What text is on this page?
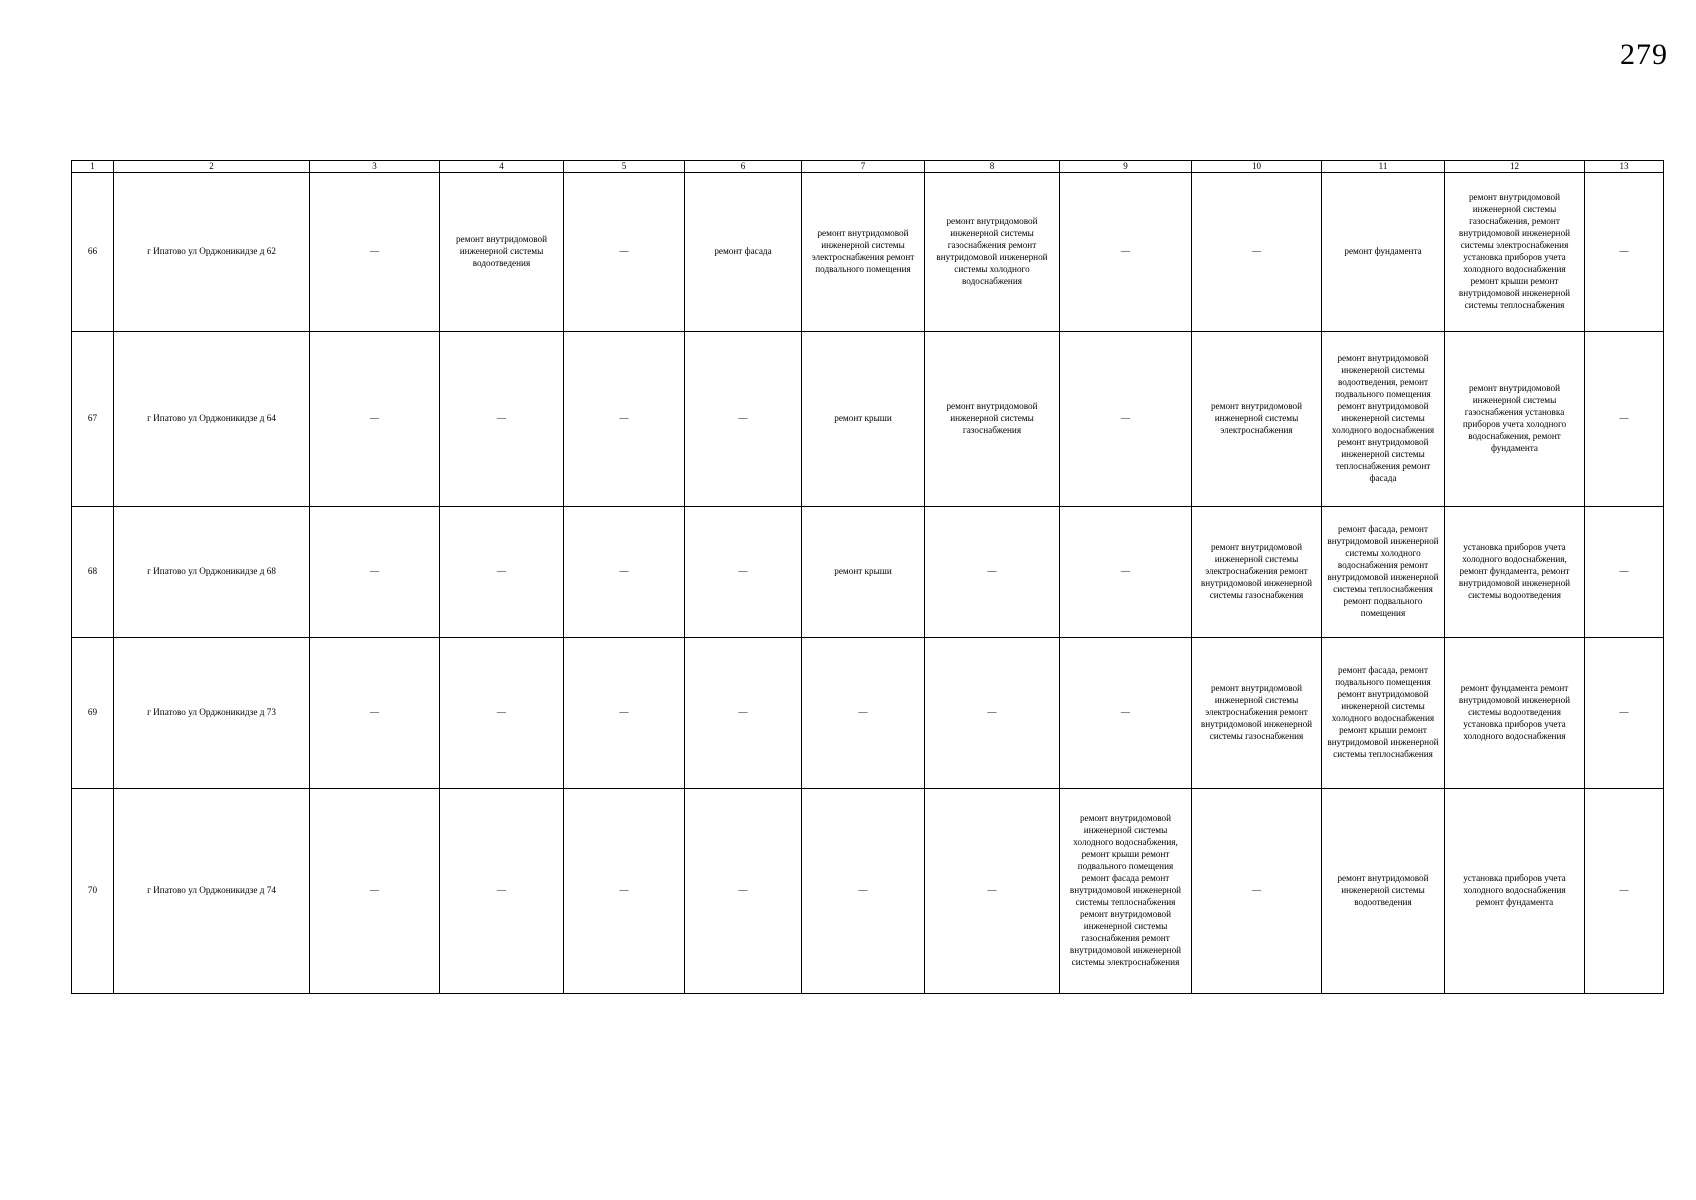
279
1	2	3	4	5	6	7	8	9	10	11	12	13
66	г Ипатово ул Орджоникидзе д 62	—	ремонт внутридомовой инженерной системы водоотведения	—	ремонт фасада	ремонт внутридомовой инженерной системы электроснабжения ремонт подвального помещения	ремонт внутридомовой инженерной системы газоснабжения ремонт внутридомовой инженерной системы холодного водоснабжения	—	—	ремонт фундамента	ремонт внутридомовой инженерной системы газоснабжения, ремонт внутридомовой инженерной системы электроснабжения установка приборов учета холодного водоснабжения ремонт крыши ремонт внутридомовой инженерной системы теплоснабжения	—
67	г Ипатово ул Орджоникидзе д 64	—	—	—	—	ремонт крыши	ремонт внутридомовой инженерной системы газоснабжения	—	ремонт внутридомовой инженерной системы электроснабжения	ремонт внутридомовой инженерной системы водоотведения, ремонт подвального помещения ремонт внутридомовой инженерной системы холодного водоснабжения ремонт внутридомовой инженерной системы теплоснабжения ремонт фасада	ремонт внутридомовой инженерной системы газоснабжения установка приборов учета холодного водоснабжения, ремонт фундамента	—
68	г Ипатово ул Орджоникидзе д 68	—	—	—	—	ремонт крыши	—	—	ремонт внутридомовой инженерной системы электроснабжения ремонт внутридомовой инженерной системы газоснабжения	ремонт фасада, ремонт внутридомовой инженерной системы холодного водоснабжения ремонт внутридомовой инженерной системы теплоснабжения ремонт подвального помещения	установка приборов учета холодного водоснабжения, ремонт фундамента, ремонт внутридомовой инженерной системы водоотведения	—
69	г Ипатово ул Орджоникидзе д 73	—	—	—	—	—	—	—	ремонт внутридомовой инженерной системы электроснабжения ремонт внутридомовой инженерной системы газоснабжения	ремонт фасада, ремонт подвального помещения ремонт внутридомовой инженерной системы холодного водоснабжения ремонт крыши ремонт внутридомовой инженерной системы теплоснабжения	ремонт фундамента ремонт внутридомовой инженерной системы водоотведения установка приборов учета холодного водоснабжения	—
70	г Ипатово ул Орджоникидзе д 74	—	—	—	—	—	—	ремонт внутридомовой инженерной системы холодного водоснабжения, ремонт крыши ремонт подвального помещения ремонт фасада ремонт внутридомовой инженерной системы теплоснабжения ремонт внутридомовой инженерной системы газоснабжения ремонт внутридомовой инженерной системы электроснабжения	—	ремонт внутридомовой инженерной системы водоотведения	установка приборов учета холодного водоснабжения ремонт фундамента	—
